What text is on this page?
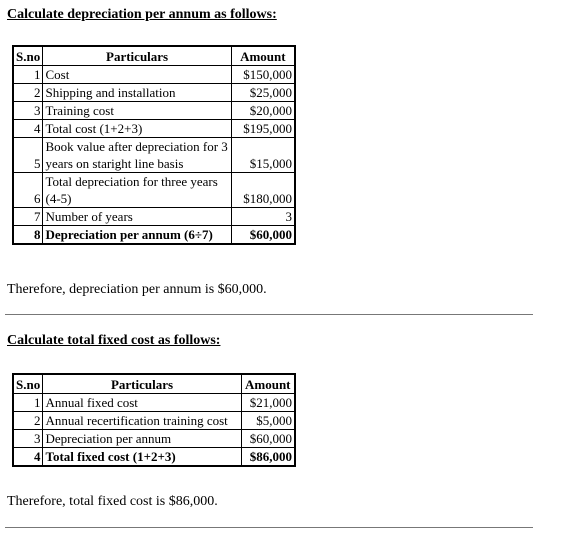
Calculate depreciation per annum as follows:
S.no	Particulars	Amount
1	Cost	$150,000
2	Shipping and installation	$25,000
3	Training cost	$20,000
4	Total cost (1+2+3)	$195,000
5	Book value after depreciation for 3 years on staright line basis	$15,000
6	Total depreciation for three years (4-5)	$180,000
7	Number of years	3
8	Depreciation per annum (6÷7)	$60,000
Therefore, depreciation per annum is $60,000.
Calculate total fixed cost as follows:
S.no	Particulars	Amount
1	Annual fixed cost	$21,000
2	Annual recertification training cost	$5,000
3	Depreciation per annum	$60,000
4	Total fixed cost (1+2+3)	$86,000
Therefore, total fixed cost is $86,000.
